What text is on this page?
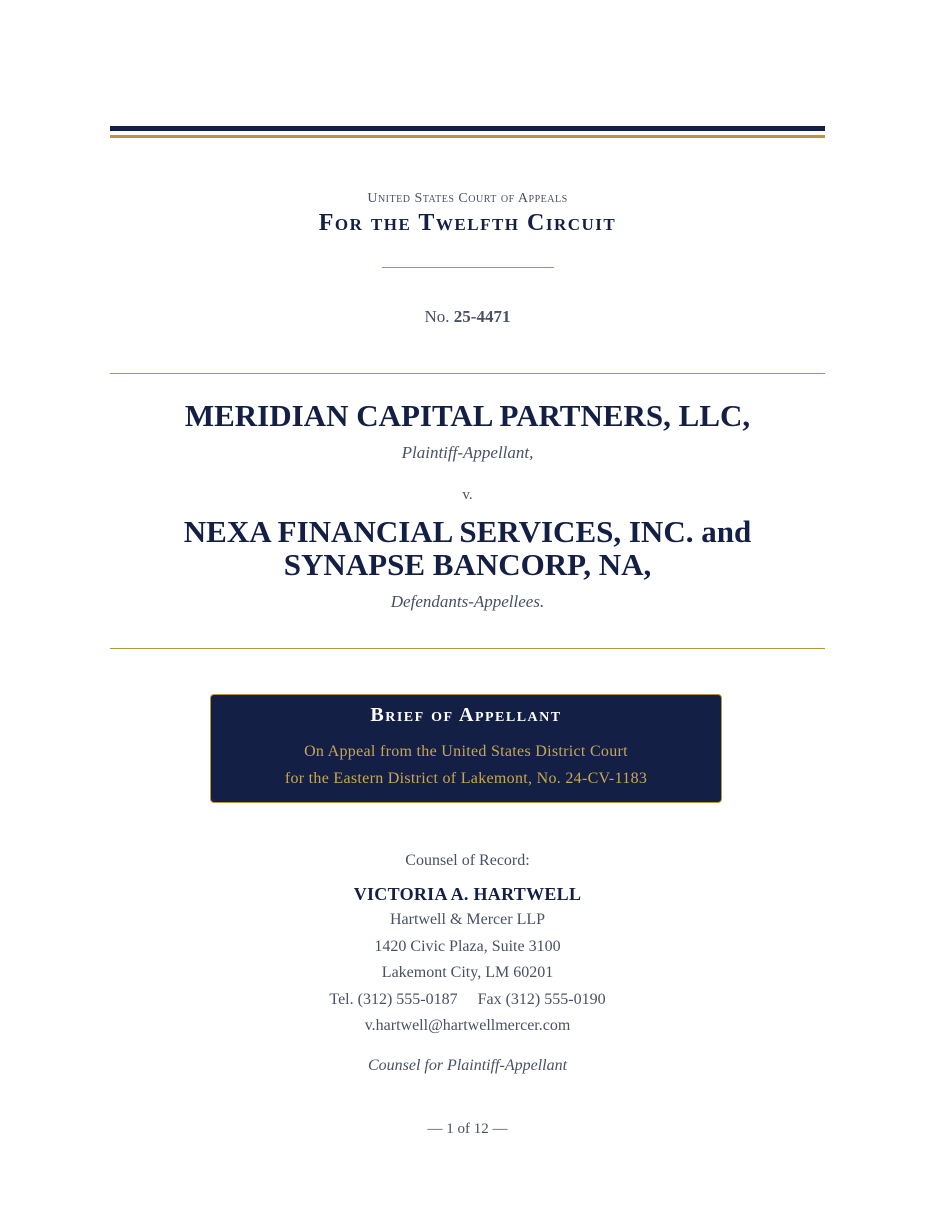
United States Court of Appeals
For the Twelfth Circuit
No. 25-4471
MERIDIAN CAPITAL PARTNERS, LLC,
Plaintiff-Appellant,
v.
NEXA FINANCIAL SERVICES, INC. and
SYNAPSE BANCORP, NA,
Defendants-Appellees.
Brief of Appellant
On Appeal from the United States District Court
for the Eastern District of Lakemont, No. 24-CV-1183
Counsel of Record:
VICTORIA A. HARTWELL
Hartwell & Mercer LLP
1420 Civic Plaza, Suite 3100
Lakemont City, LM 60201
Tel. (312) 555-0187 Fax (312) 555-0190
v.hartwell@hartwellmercer.com
Counsel for Plaintiff-Appellant
— 1 of 12 —
